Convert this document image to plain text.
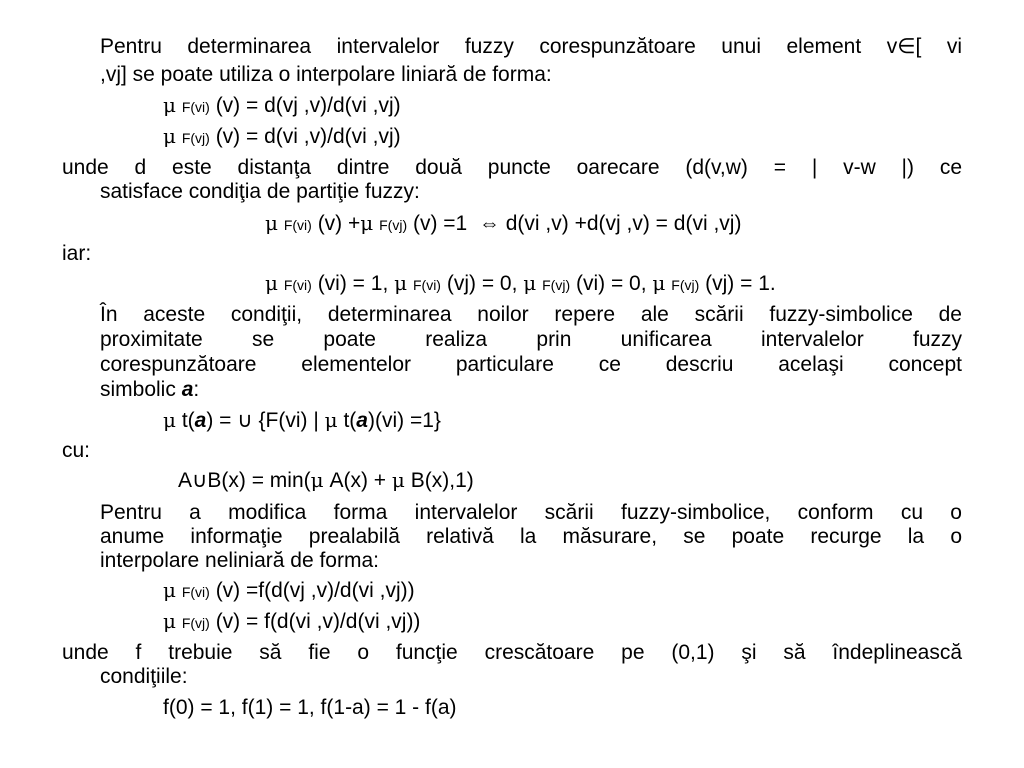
Pentru determinarea intervalelor fuzzy corespunzătoare unui element v∈[ vi
,vj] se poate utiliza o interpolare liniară de forma:
μ F(vi) (v) = d(vj ,v)/d(vi ,vj)
μ F(vj) (v) = d(vi ,v)/d(vi ,vj)
unde d este distanţa dintre două puncte oarecare (d(v,w) = | v-w |) ce
satisface condiţia de partiţie fuzzy:
μ F(vi) (v) +μ F(vj) (v) =1  ⇔ d(vi ,v) +d(vj ,v) = d(vi ,vj)
iar:
μ F(vi) (vi) = 1, μ F(vi) (vj) = 0, μ F(vj) (vi) = 0, μ F(vj) (vj) = 1.
În aceste condiţii, determinarea noilor repere ale scării fuzzy-simbolice de
proximitate se poate realiza prin unificarea intervalelor fuzzy
corespunzătoare elementelor particulare ce descriu acelaşi concept
simbolic a:
μ t(a) = ∪ {F(vi) | μ t(a)(vi) =1}
cu:
A∪B(x) = min(μ A(x) + μ B(x),1)
Pentru a modifica forma intervalelor scării fuzzy-simbolice, conform cu o
anume informaţie prealabilă relativă la măsurare, se poate recurge la o
interpolare neliniară de forma:
μ F(vi) (v) =f(d(vj ,v)/d(vi ,vj))
μ F(vj) (v) = f(d(vi ,v)/d(vi ,vj))
unde f trebuie să fie o funcţie crescătoare pe (0,1) şi să îndeplinească
condiţiile:
f(0) = 1, f(1) = 1, f(1-a) = 1 - f(a)
